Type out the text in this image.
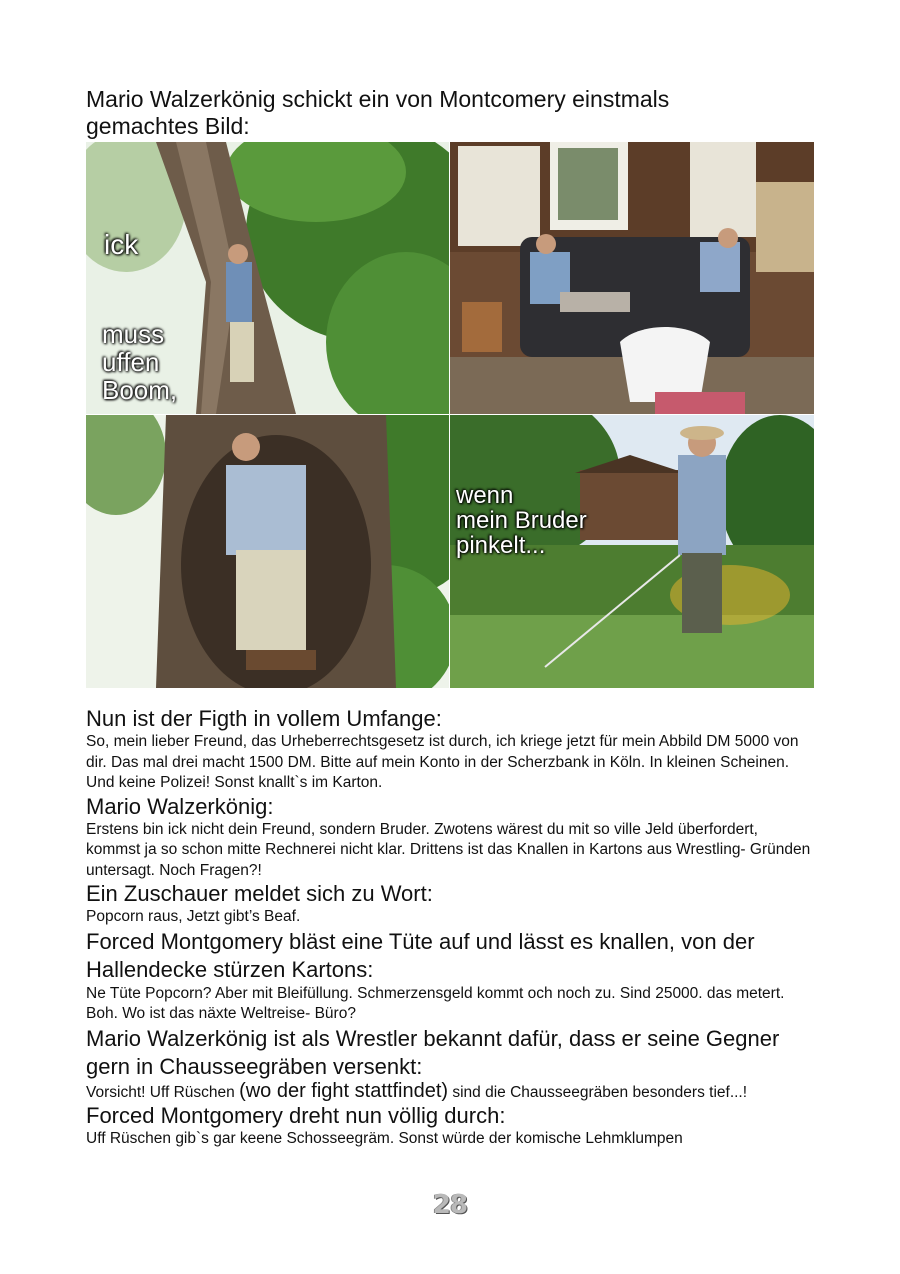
Mario Walzerkönig schickt ein von Montcomery einstmals gemachtes Bild:
ick
muss
uffen
Boom,
wenn
mein Bruder
pinkelt...

Nun ist der Figth in vollem Umfange:

So, mein lieber Freund, das Urheberrechtsgesetz ist durch, ich kriege jetzt für mein Abbild DM 5000 von dir. Das mal drei macht 1500 DM. Bitte auf mein Konto in der Scherzbank in Köln. In kleinen Scheinen. Und keine Polizei! Sonst knallt`s im Karton.

Mario Walzerkönig:

Erstens bin ick nicht dein Freund, sondern Bruder. Zwotens wärest du mit so ville Jeld überfordert, kommst ja so schon mitte Rechnerei nicht klar. Drittens ist das Knallen in Kartons aus Wrestling- Gründen untersagt. Noch Fragen?!

Ein Zuschauer meldet sich zu Wort:

Popcorn raus, Jetzt gibt’s Beaf.

Forced Montgomery bläst eine Tüte auf und lässt es knallen, von der Hallendecke stürzen Kartons:

Ne Tüte Popcorn? Aber mit Bleifüllung. Schmerzensgeld kommt och noch zu. Sind 25000. das metert. Boh. Wo ist das näxte Weltreise- Büro?

Mario Walzerkönig ist als Wrestler bekannt dafür, dass er seine Gegner gern in Chausseegräben versenkt:

Vorsicht! Uff Rüschen (wo der fight stattfindet) sind die Chausseegräben besonders tief...!

Forced Montgomery dreht nun völlig durch:

Uff Rüschen gib`s gar keene Schosseegräm. Sonst würde der komische Lehmklumpen

28
